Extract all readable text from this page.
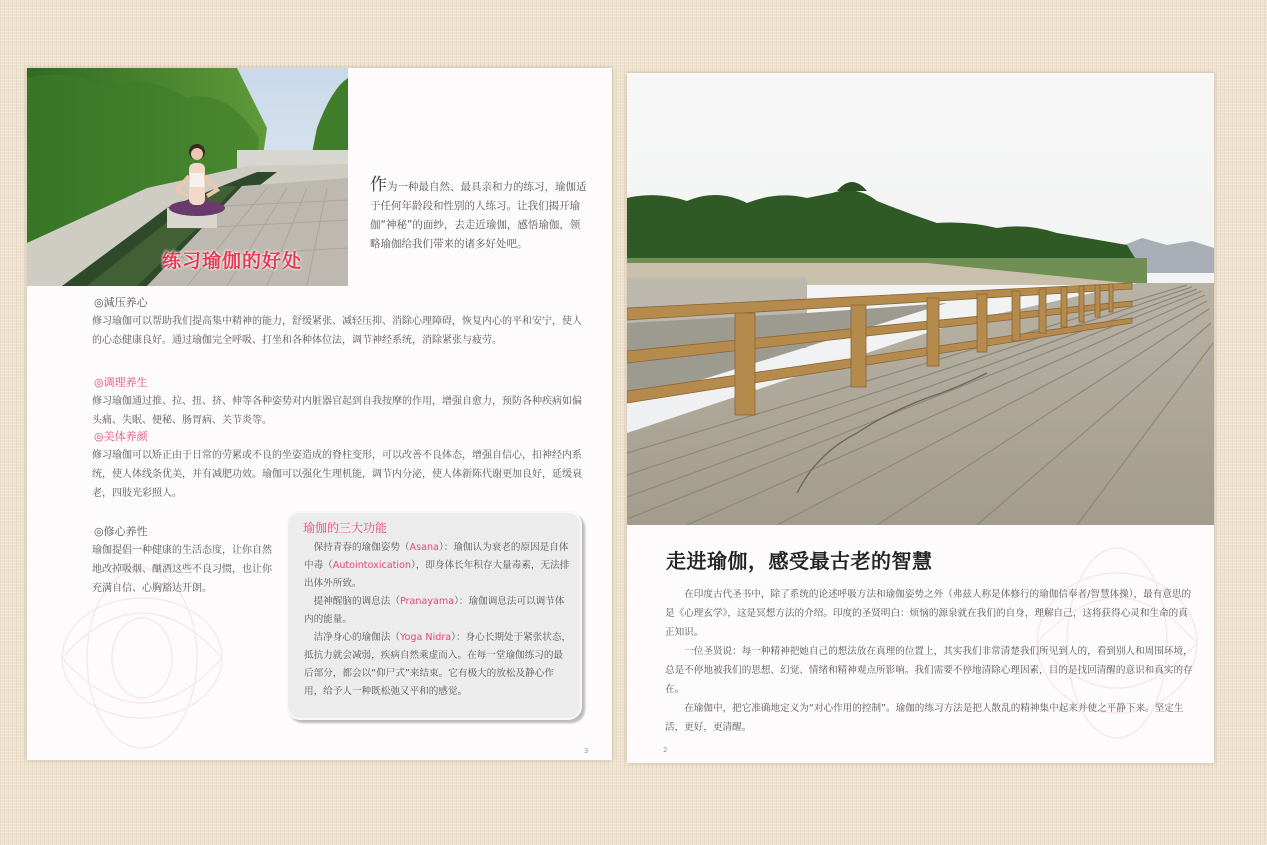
练习瑜伽的好处
作为一种最自然、最具亲和力的练习，瑜伽适于任何年龄段和性别的人练习。让我们揭开瑜伽“神秘”的面纱，去走近瑜伽，感悟瑜伽，领略瑜伽给我们带来的诸多好处吧。
◎減压养心
修习瑜伽可以帮助我们提高集中精神的能力，舒缓紧张、减轻压抑、消除心理障碍，恢复内心的平和安宁，使人的心态健康良好。通过瑜伽完全呼吸、打坐和各种体位法，调节神经系统，消除紧张与疲劳。
◎调理养生
修习瑜伽通过推、拉、扭、挤、伸等各种姿势对内脏器官起到自我按摩的作用，增强自愈力，预防各种疾病如偏头痛、失眠、便秘、肠胃病、关节炎等。
◎美体养颜
修习瑜伽可以矫正由于日常的劳累或不良的坐姿造成的脊柱变形，可以改善不良体态，增强自信心，扣神经内系统，使人体线条优美，并有减肥功效。瑜伽可以强化生理机能，调节内分泌，使人体新陈代谢更加良好，延缓衰老，四肢光彩照人。
◎修心养性
瑜伽提倡一种健康的生活态度，让你自然地改掉吸烟、酗酒这些不良习惯，也让你充满自信、心胸豁达开朗。
瑜伽的三大功能

　保持青春的瑜伽姿势（Asana）：瑜伽认为衰老的原因是自体中毒（Autointoxication），即身体长年积存大量毒素，无法排出体外所致。

　提神醒脑的调息法（Pranayama）：瑜伽调息法可以调节体内的能量。

　洁净身心的瑜伽法（Yoga Nidra）：身心长期处于紧张状态，抵抗力就会减弱，疾病自然乘虚而入。在每一堂瑜伽练习的最后部分，都会以“仰尸式”来结束。它有极大的放松及静心作用，给予人一种既松弛又平和的感觉。

3
走进瑜伽，感受最古老的智慧

　　在印度古代圣书中，除了系统的论述呼吸方法和瑜伽姿势之外（弗兹人称是体修行的瑜伽信奉者/智慧体操），最有意思的是《心理玄学》，这是冥想方法的介绍。印度的圣贤明白：烦恼的源泉就在我们的自身，理解自己，这将获得心灵和生命的真正知识。

　　一位圣贤说：每一种精神把她自己的想法放在真理的位置上，其实我们非常清楚我们所见到人的，看到别人和周围环境，总是不停地被我们的思想、幻觉、情绪和精神观点所影响。我们需要不停地清除心理因素，目的是找回清醒的意识和真实的存在。

　　在瑜伽中，把它准确地定义为“对心作用的控制”。瑜伽的练习方法是把人散乱的精神集中起来并使之平静下来。坚定生活，更好，更清醒。

2
